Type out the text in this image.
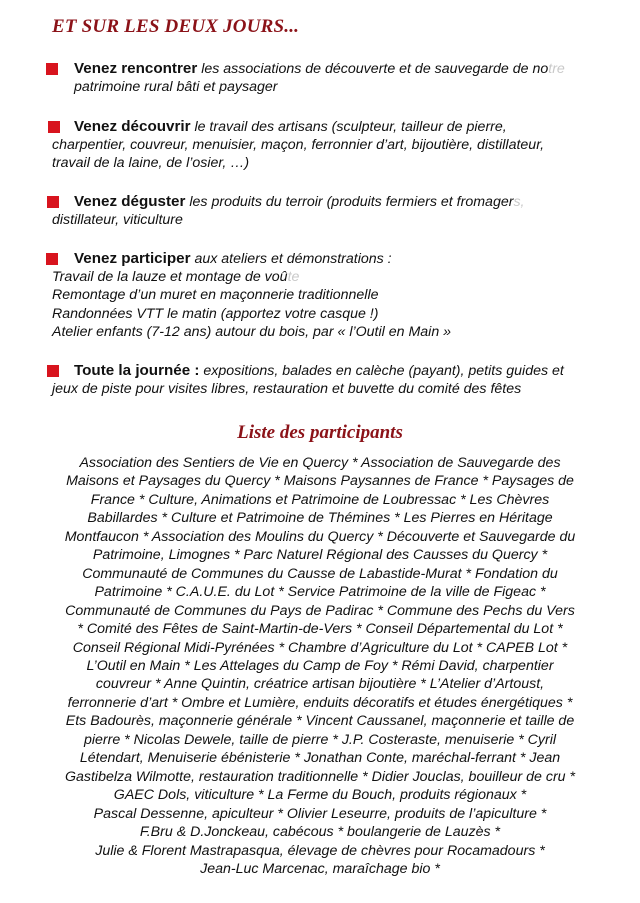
ET SUR LES DEUX JOURS...
Venez rencontrer les associations de découverte et de sauvegarde de notre
patrimoine rural bâti et paysager
Venez découvrir le travail des artisans (sculpteur, tailleur de pierre,
charpentier, couvreur, menuisier, maçon, ferronnier d’art, bijoutière, distillateur,
travail de la laine, de l’osier, …)
Venez déguster les produits du terroir (produits fermiers et fromagers,
distillateur, viticulture
Venez participer aux ateliers et démonstrations :
Travail de la lauze et montage de voûte
Remontage d’un muret en maçonnerie traditionnelle
Randonnées VTT le matin (apportez votre casque !)
Atelier enfants (7-12 ans) autour du bois, par « l’Outil en Main »
Toute la journée : expositions, balades en calèche (payant), petits guides et
jeux de piste pour visites libres, restauration et buvette du comité des fêtes
Liste des participants
Association des Sentiers de Vie en Quercy * Association de Sauvegarde des
Maisons et Paysages du Quercy * Maisons Paysannes de France * Paysages de
France * Culture, Animations et Patrimoine de Loubressac * Les Chèvres
Babillardes * Culture et Patrimoine de Thémines * Les Pierres en Héritage
Montfaucon * Association des Moulins du Quercy * Découverte et Sauvegarde du
Patrimoine, Limognes * Parc Naturel Régional des Causses du Quercy *
Communauté de Communes du Causse de Labastide-Murat * Fondation du
Patrimoine * C.A.U.E. du Lot * Service Patrimoine de la ville de Figeac *
Communauté de Communes du Pays de Padirac * Commune des Pechs du Vers
* Comité des Fêtes de Saint-Martin-de-Vers * Conseil Départemental du Lot *
Conseil Régional Midi-Pyrénées * Chambre d’Agriculture du Lot * CAPEB Lot *
L’Outil en Main * Les Attelages du Camp de Foy * Rémi David, charpentier
couvreur * Anne Quintin, créatrice artisan bijoutière * L’Atelier d’Artoust,
ferronnerie d’art * Ombre et Lumière, enduits décoratifs et études énergétiques *
Ets Badourès, maçonnerie générale * Vincent Caussanel, maçonnerie et taille de
pierre * Nicolas Dewele, taille de pierre * J.P. Costeraste, menuiserie * Cyril
Létendart, Menuiserie ébénisterie * Jonathan Conte, maréchal-ferrant * Jean
Gastibelza Wilmotte, restauration traditionnelle * Didier Jouclas, bouilleur de cru *
GAEC Dols, viticulture * La Ferme du Bouch, produits régionaux *
Pascal Dessenne, apiculteur * Olivier Leseurre, produits de l’apiculture *
F.Bru & D.Jonckeau, cabécous * boulangerie de Lauzès *
Julie & Florent Mastrapasqua, élevage de chèvres pour Rocamadours *
Jean-Luc Marcenac, maraîchage bio *
